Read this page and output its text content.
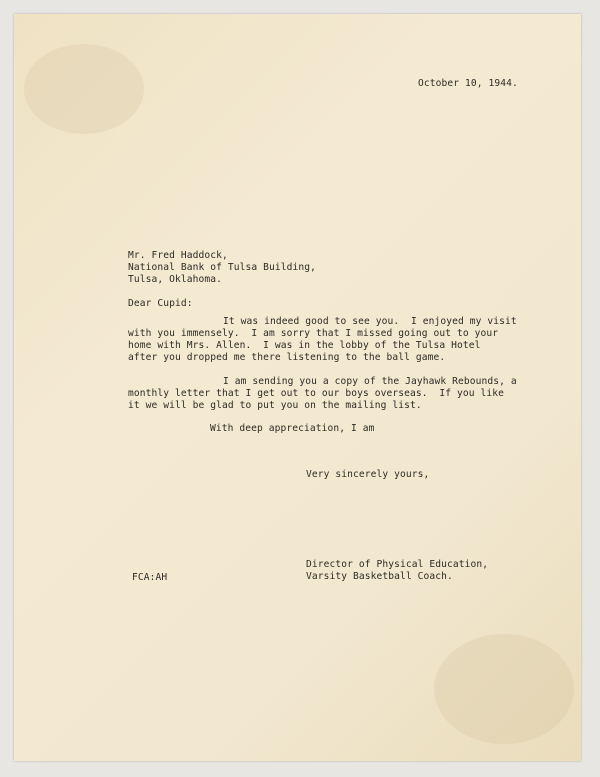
October 10, 1944.
Mr. Fred Haddock,
National Bank of Tulsa Building,
Tulsa, Oklahoma.
Dear Cupid:
It was indeed good to see you.  I enjoyed my visit
with you immensely.  I am sorry that I missed going out to your
home with Mrs. Allen.  I was in the lobby of the Tulsa Hotel
after you dropped me there listening to the ball game.
I am sending you a copy of the Jayhawk Rebounds, a
monthly letter that I get out to our boys overseas.  If you like
it we will be glad to put you on the mailing list.
With deep appreciation, I am
Very sincerely yours,
Director of Physical Education,
Varsity Basketball Coach.
FCA:AH
